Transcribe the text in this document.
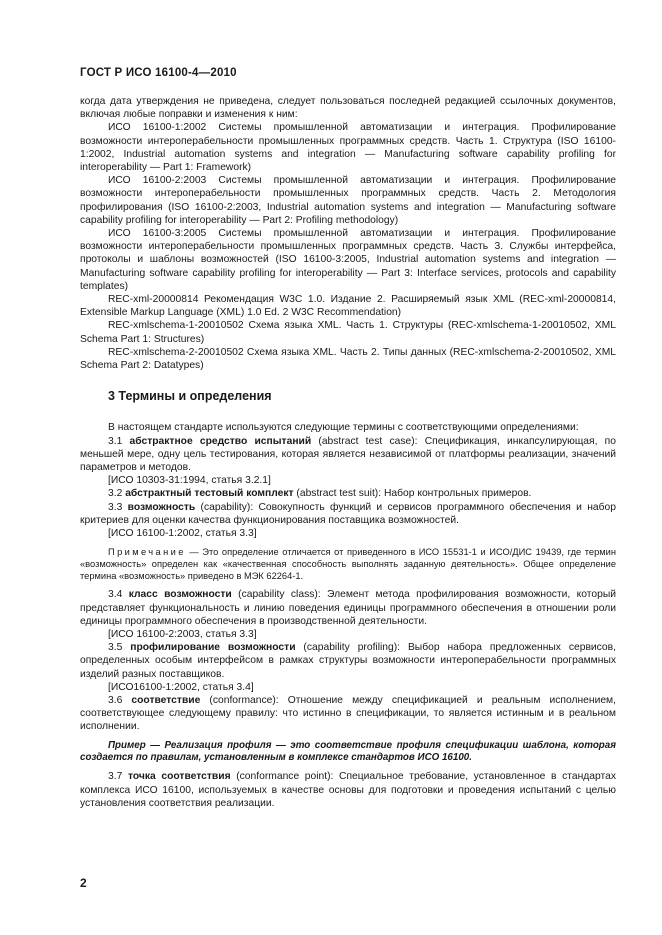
ГОСТ Р ИСО 16100-4—2010

когда дата утверждения не приведена, следует пользоваться последней редакцией ссылочных документов, включая любые поправки и изменения к ним:

ИСО 16100-1:2002 Системы промышленной автоматизации и интеграция. Профилирование возможности интероперабельности промышленных программных средств. Часть 1. Структура (ISO 16100-1:2002, Industrial automation systems and integration — Manufacturing software capability profiling for interoperability — Part 1: Framework)

ИСО 16100-2:2003 Системы промышленной автоматизации и интеграция. Профилирование возможности интероперабельности промышленных программных средств. Часть 2. Методология профилирования (ISO 16100-2:2003, Industrial automation systems and integration — Manufacturing software capability profiling for interoperability — Part 2: Profiling methodology)

ИСО 16100-3:2005 Системы промышленной автоматизации и интеграция. Профилирование возможности интероперабельности промышленных программных средств. Часть 3. Службы интерфейса, протоколы и шаблоны возможностей (ISO 16100-3:2005, Industrial automation systems and integration — Manufacturing software capability profiling for interoperability — Part 3: Interface services, protocols and capability templates)

REC-xml-20000814 Рекомендация W3C 1.0. Издание 2. Расширяемый язык XML (REC-xml-20000814, Extensible Markup Language (XML) 1.0 Ed. 2 W3C Recommendation)

REC-xmlschema-1-20010502 Схема языка XML. Часть 1. Структуры (REC-xmlschema-1-20010502, XML Schema Part 1: Structures)

REC-xmlschema-2-20010502 Схема языка XML. Часть 2. Типы данных (REC-xmlschema-2-20010502, XML Schema Part 2: Datatypes)

3 Термины и определения

В настоящем стандарте используются следующие термины с соответствующими определениями:

3.1 абстрактное средство испытаний (abstract test case): Спецификация, инкапсулирующая, по меньшей мере, одну цель тестирования, которая является независимой от платформы реализации, значений параметров и методов.

[ИСО 10303-31:1994, статья 3.2.1]

3.2 абстрактный тестовый комплект (abstract test suit): Набор контрольных примеров.

3.3 возможность (capability): Совокупность функций и сервисов программного обеспечения и набор критериев для оценки качества функционирования поставщика возможностей.

[ИСО 16100-1:2002, статья 3.3]

Примечание — Это определение отличается от приведенного в ИСО 15531-1 и ИСО/ДИС 19439, где термин «возможность» определен как «качественная способность выполнять заданную деятельность». Общее определение термина «возможность» приведено в МЭК 62264-1.

3.4 класс возможности (capability class): Элемент метода профилирования возможности, который представляет функциональность и линию поведения единицы программного обеспечения в отношении роли единицы программного обеспечения в производственной деятельности.

[ИСО 16100-2:2003, статья 3.3]

3.5 профилирование возможности (capability profiling): Выбор набора предложенных сервисов, определенных особым интерфейсом в рамках структуры возможности интероперабельности программных изделий разных поставщиков.

[ИСО16100-1:2002, статья 3.4]

3.6 соответствие (conformance): Отношение между спецификацией и реальным исполнением, соответствующее следующему правилу: что истинно в спецификации, то является истинным и в реальном исполнении.

Пример — Реализация профиля — это соответствие профиля спецификации шаблона, которая создается по правилам, установленным в комплексе стандартов ИСО 16100.

3.7 точка соответствия (conformance point): Специальное требование, установленное в стандартах комплекса ИСО 16100, используемых в качестве основы для подготовки и проведения испытаний с целью установления соответствия реализации.

2
